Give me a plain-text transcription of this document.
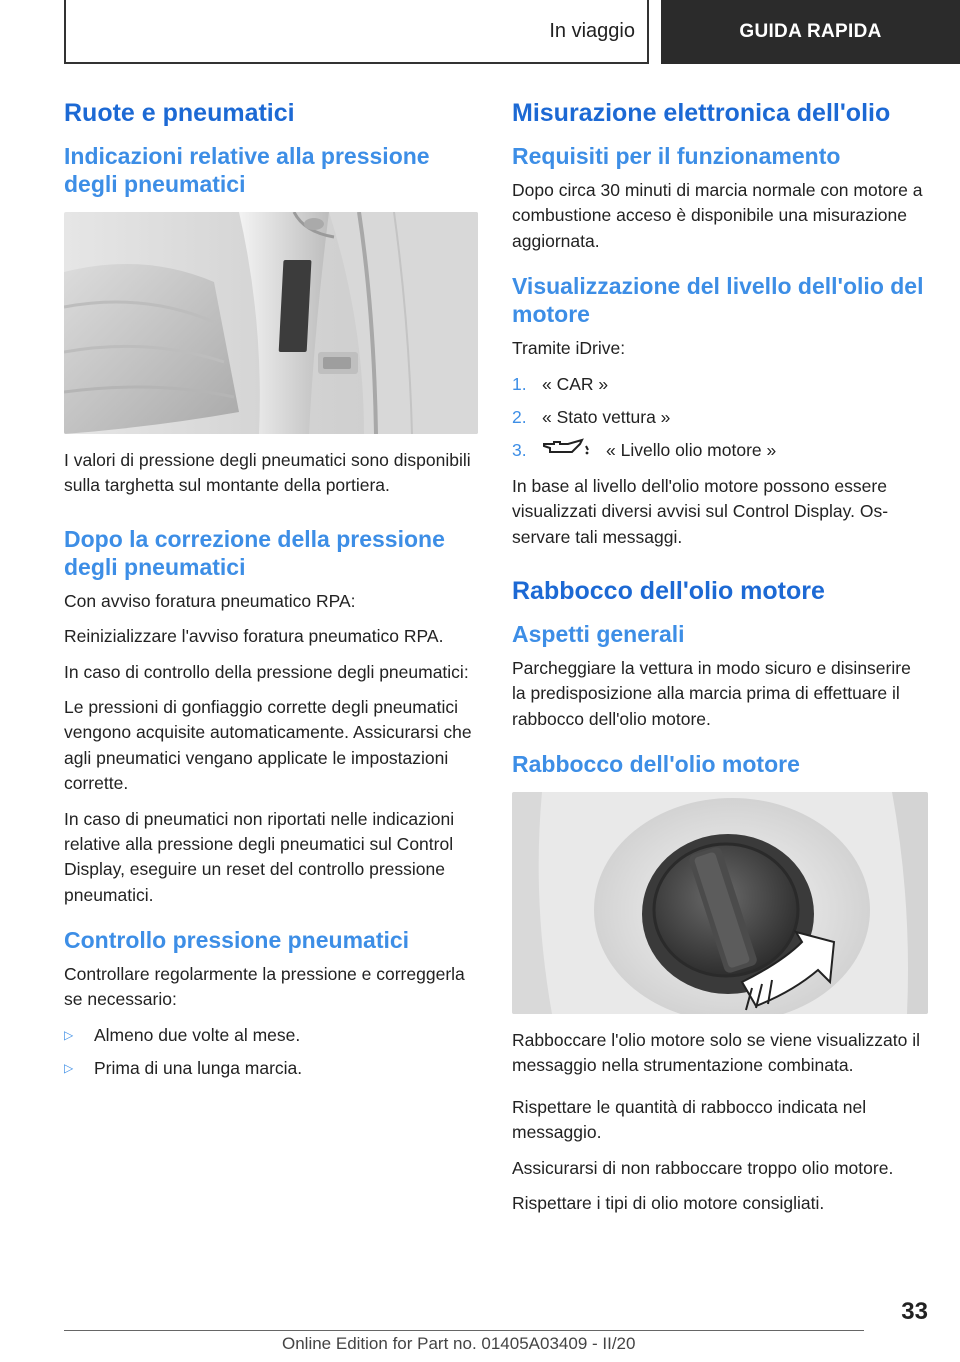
In viaggio	GUIDA RAPIDA
Ruote e pneumatici
Indicazioni relative alla pressione degli pneumatici

I valori di pressione degli pneumatici sono disponibili sulla targhetta sul montante della portiera.

Dopo la correzione della pressione degli pneumatici

Con avviso foratura pneumatico RPA:

Reinizializzare l'avviso foratura pneumatico RPA.

In caso di controllo della pressione degli pneumatici:

Le pressioni di gonfiaggio corrette degli pneumatici vengono acquisite automaticamente. Assicurarsi che agli pneumatici vengano applicate le impostazioni corrette.

In caso di pneumatici non riportati nelle indicazioni relative alla pressione degli pneumatici sul Control Display, eseguire un reset del controllo pressione pneumatici.

Controllo pressione pneumatici

Controllare regolarmente la pressione e correggerla se necessario:

▷	Almeno due volte al mese.
▷	Prima di una lunga marcia.
Misurazione elettronica dell'olio
Requisiti per il funzionamento

Dopo circa 30 minuti di marcia normale con motore a combustione acceso è disponibile una misurazione aggiornata.

Visualizzazione del livello dell'olio del motore

Tramite iDrive:

1. « CAR »
2. « Stato vettura »
3.	« Livello olio motore »

In base al livello dell'olio motore possono essere visualizzati diversi avvisi sul Control Display. Osservare tali messaggi.

Rabbocco dell'olio motore
Aspetti generali

Parcheggiare la vettura in modo sicuro e disinserire la predisposizione alla marcia prima di effettuare il rabbocco dell'olio motore.

Rabbocco dell'olio motore

Rabboccare l'olio motore solo se viene visualizzato il messaggio nella strumentazione combinata.

Rispettare le quantità di rabbocco indicata nel messaggio.

Assicurarsi di non rabboccare troppo olio motore.

Rispettare i tipi di olio motore consigliati.

33
Online Edition for Part no. 01405A03409 - II/20
